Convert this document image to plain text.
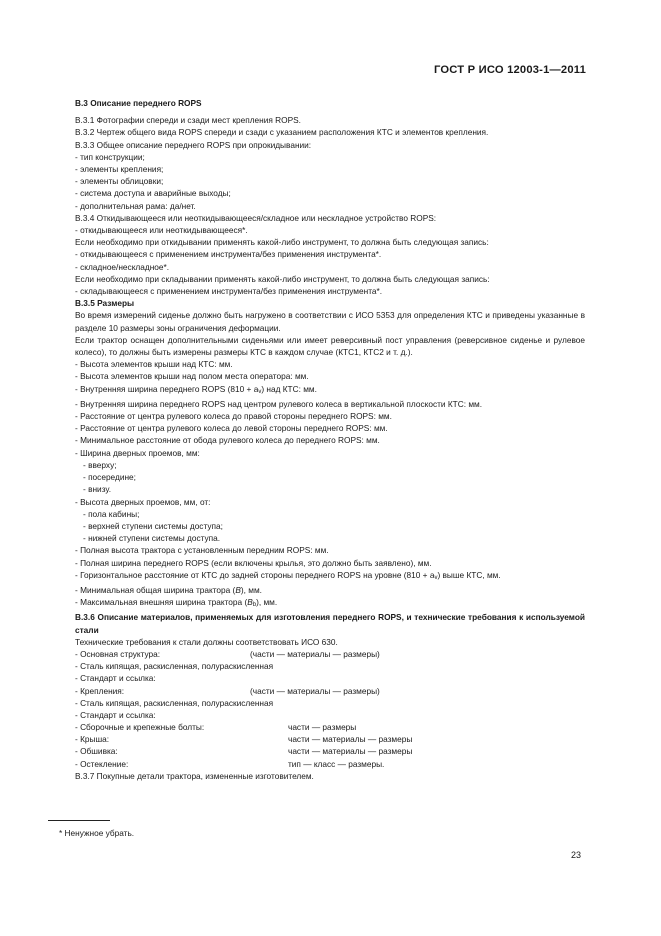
ГОСТ Р ИСО 12003-1—2011

B.3 Описание переднего ROPS

B.3.1 Фотографии спереди и сзади мест крепления ROPS.

B.3.2 Чертеж общего вида ROPS спереди и сзади с указанием расположения КТС и элементов крепления.

B.3.3 Общее описание переднего ROPS при опрокидывании:

- тип конструкции;

- элементы крепления;

- элементы облицовки;

- система доступа и аварийные выходы;

- дополнительная рама: да/нет.

B.3.4 Откидывающееся или неоткидывающееся/складное или нескладное устройство ROPS:

- откидывающееся или неоткидывающееся*.

Если необходимо при откидывании применять какой-либо инструмент, то должна быть следующая запись:

- откидывающееся с применением инструмента/без применения инструмента*.

- складное/нескладное*.

Если необходимо при складывании применять какой-либо инструмент, то должна быть следующая запись:

- складывающееся с применением инструмента/без применения инструмента*.

B.3.5 Размеры

Во время измерений сиденье должно быть нагружено в соответствии с ИСО 5353 для определения КТС и приведены указанные в разделе 10 размеры зоны ограничения деформации.

Если трактор оснащен дополнительными сиденьями или имеет реверсивный пост управления (реверсивное сиденье и рулевое колесо), то должны быть измерены размеры КТС в каждом случае (КТС1, КТС2 и т. д.).

- Высота элементов крыши над КТС: мм.

- Высота элементов крыши над полом места оператора: мм.

- Внутренняя ширина переднего ROPS $(810 + a_v)$ над КТС: мм.

- Внутренняя ширина переднего ROPS над центром рулевого колеса в вертикальной плоскости КТС: мм.

- Расстояние от центра рулевого колеса до правой стороны переднего ROPS: мм.

- Расстояние от центра рулевого колеса до левой стороны переднего ROPS: мм.

- Минимальное расстояние от обода рулевого колеса до переднего ROPS: мм.

- Ширина дверных проемов, мм:

- вверху;

- посередине;

- внизу.

- Высота дверных проемов, мм, от:

- пола кабины;

- верхней ступени системы доступа;

- нижней ступени системы доступа.

- Полная высота трактора с установленным передним ROPS: мм.

- Полная ширина переднего ROPS (если включены крылья, это должно быть заявлено), мм.

- Горизонтальное расстояние от КТС до задней стороны переднего ROPS на уровне $(810 + a_v)$ выше КТС, мм.

- Минимальная общая ширина трактора (B), мм.

- Максимальная внешняя ширина трактора $(B_b)$, мм.

B.3.6 Описание материалов, применяемых для изготовления переднего ROPS, и технические требования к используемой стали

Технические требования к стали должны соответствовать ИСО 630.

- Основная структура:	(части — материалы — размеры)
- Сталь кипящая, раскисленная, полураскисленная
- Стандарт и ссылка:
- Крепления:	(части — материалы — размеры)
- Сталь кипящая, раскисленная, полураскисленная
- Стандарт и ссылка:
- Сборочные и крепежные болты:	части — размеры
- Крыша:	части — материалы — размеры
- Обшивка:	части — материалы — размеры
- Остекление:	тип — класс — размеры.

B.3.7 Покупные детали трактора, измененные изготовителем.

* Ненужное убрать.
23
